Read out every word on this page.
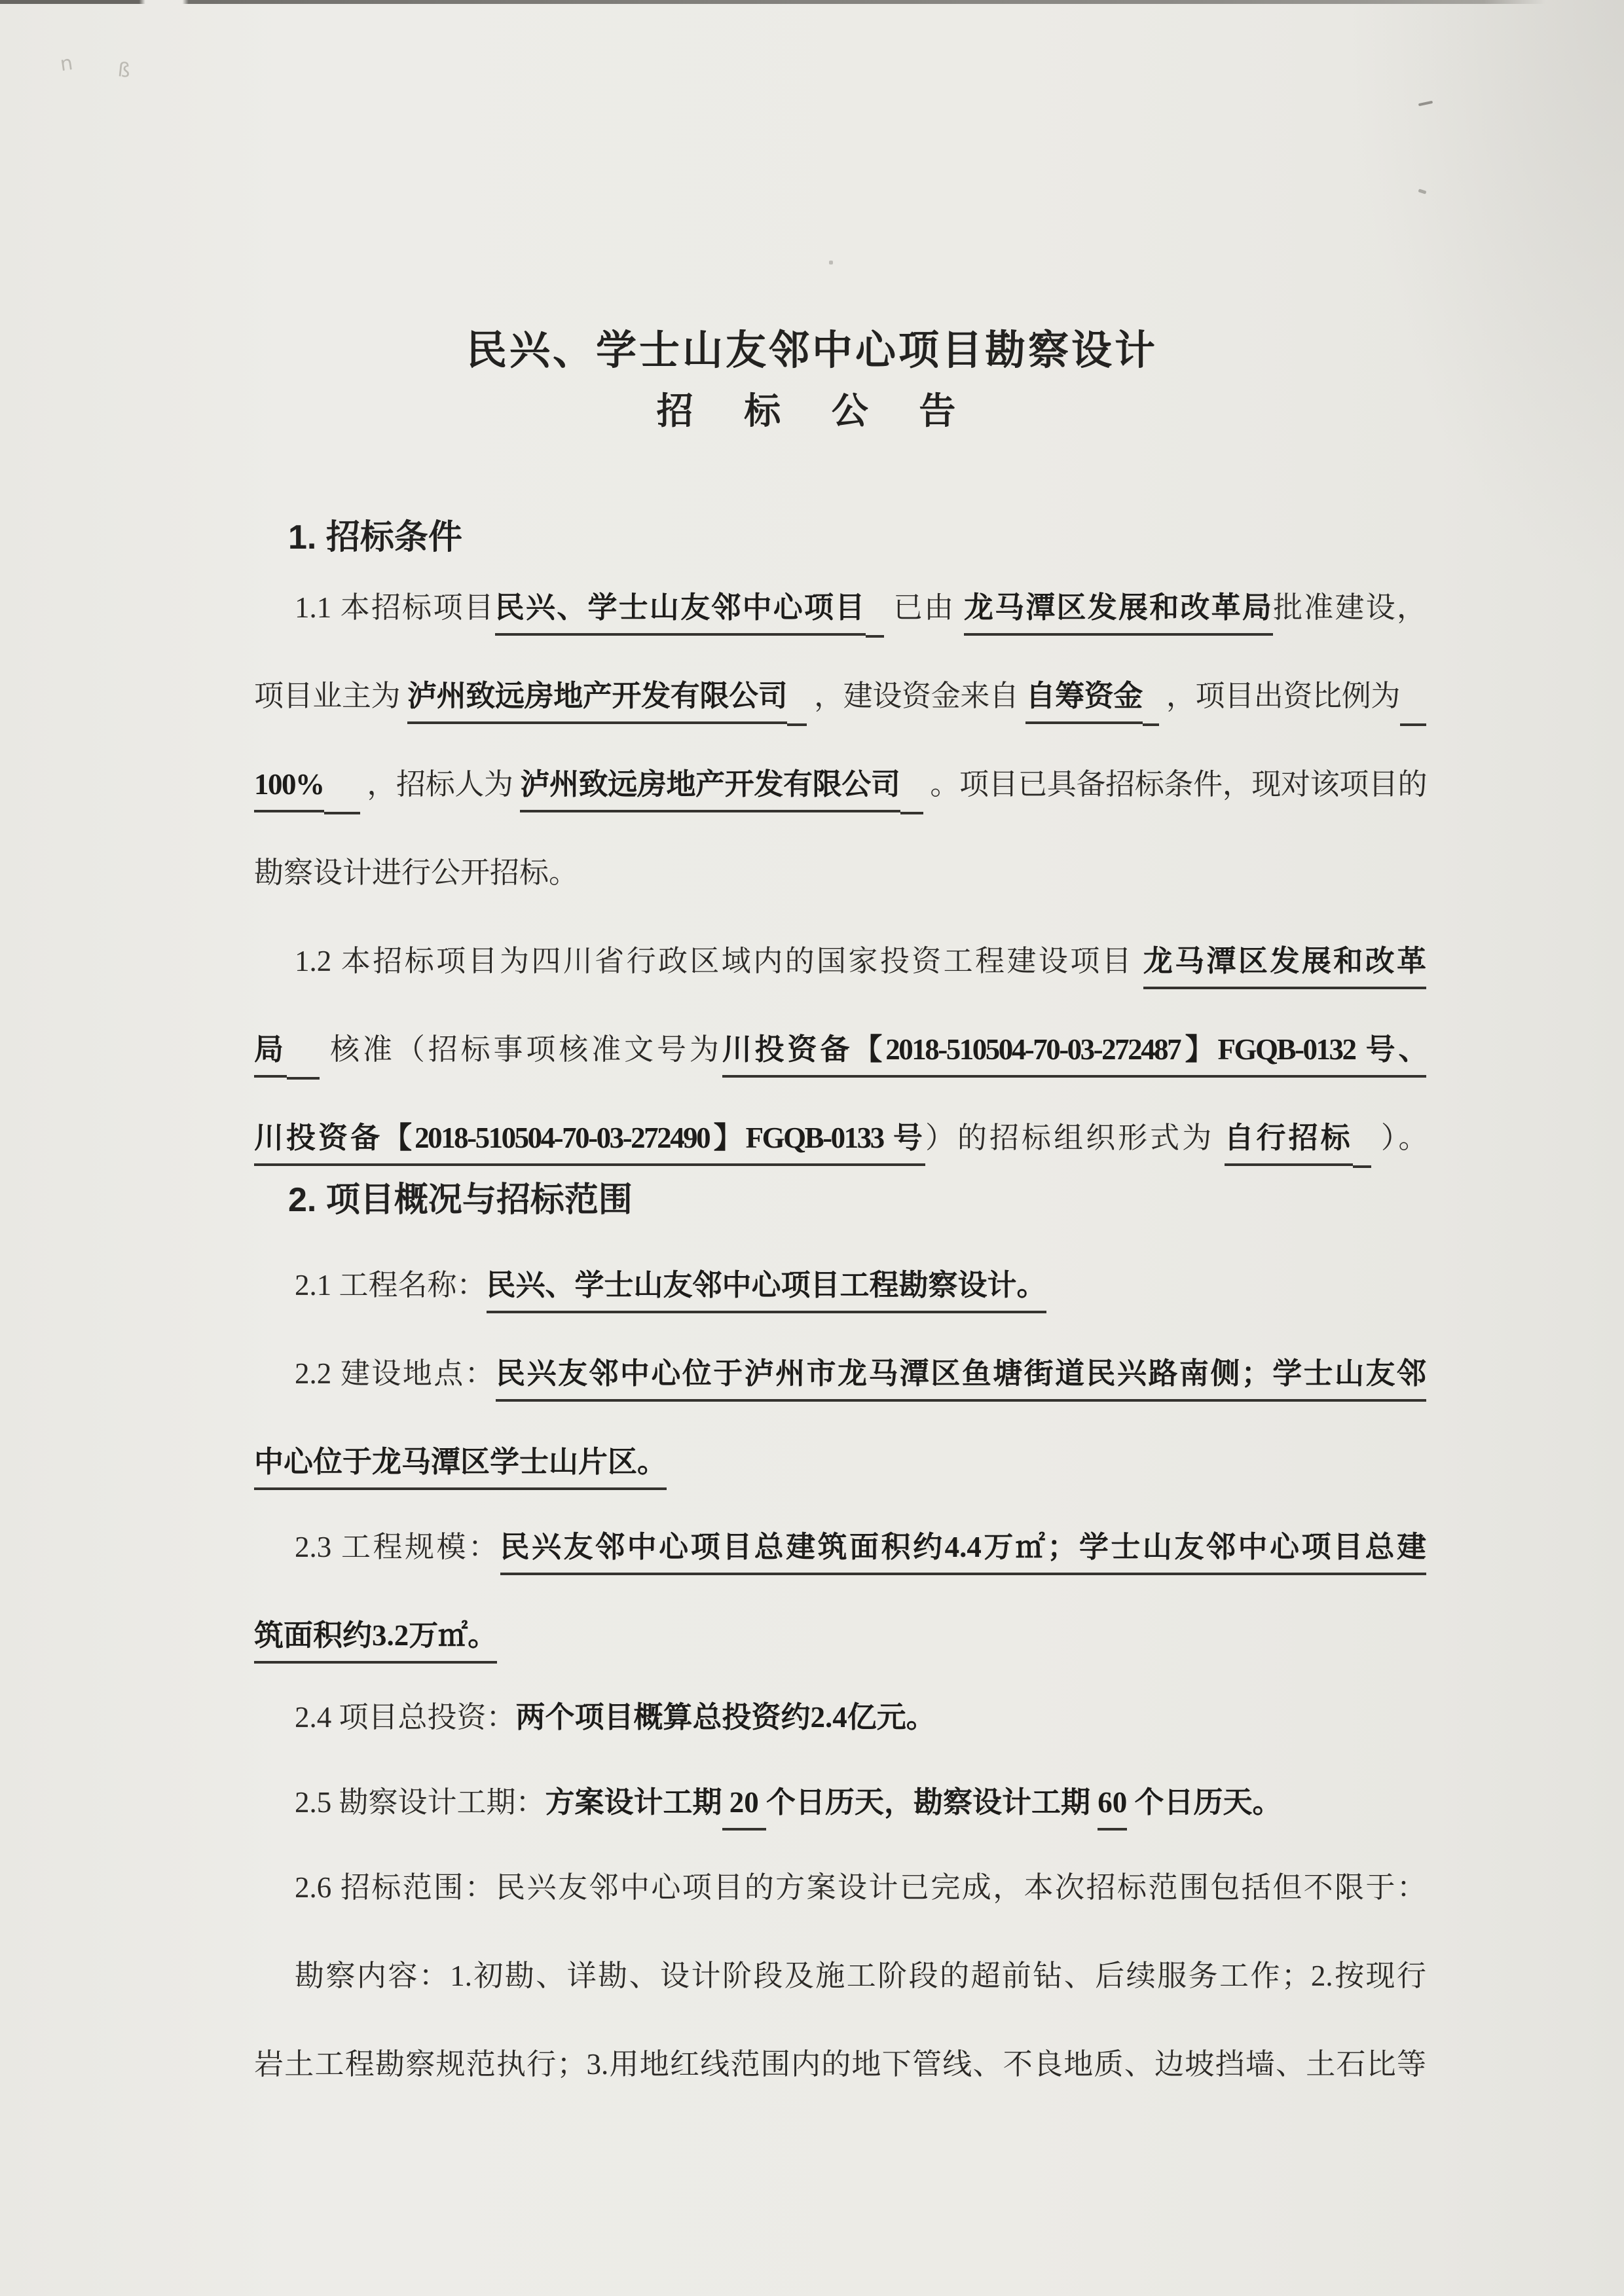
n ß
民兴、学士山友邻中心项目勘察设计
招 标 公 告
1. 招标条件
1.1 本招标项目民兴、学士山友邻中心项目 已由 龙马潭区发展和改革局批准建设，
项目业主为 泸州致远房地产开发有限公司 ，建设资金来自 自筹资金 ，项目出资比例为
100% ，招标人为 泸州致远房地产开发有限公司 。项目已具备招标条件，现对该项目的
勘察设计进行公开招标。
1.2 本招标项目为四川省行政区域内的国家投资工程建设项目 龙马潭区发展和改革
局 核准（招标事项核准文号为川投资备【2018-510504-70-03-272487】FGQB-0132 号、
川投资备【2018-510504-70-03-272490】FGQB-0133 号）的招标组织形式为 自行招标 ）。
2. 项目概况与招标范围
2.1 工程名称：民兴、学士山友邻中心项目工程勘察设计。
2.2 建设地点：民兴友邻中心位于泸州市龙马潭区鱼塘街道民兴路南侧；学士山友邻
中心位于龙马潭区学士山片区。
2.3 工程规模：民兴友邻中心项目总建筑面积约4.4万㎡；学士山友邻中心项目总建
筑面积约3.2万㎡。
2.4 项目总投资：两个项目概算总投资约2.4亿元。
2.5 勘察设计工期：方案设计工期 20 个日历天，勘察设计工期 60 个日历天。
2.6 招标范围：民兴友邻中心项目的方案设计已完成，本次招标范围包括但不限于：
勘察内容：1.初勘、详勘、设计阶段及施工阶段的超前钻、后续服务工作；2.按现行
岩土工程勘察规范执行；3.用地红线范围内的地下管线、不良地质、边坡挡墙、土石比等
